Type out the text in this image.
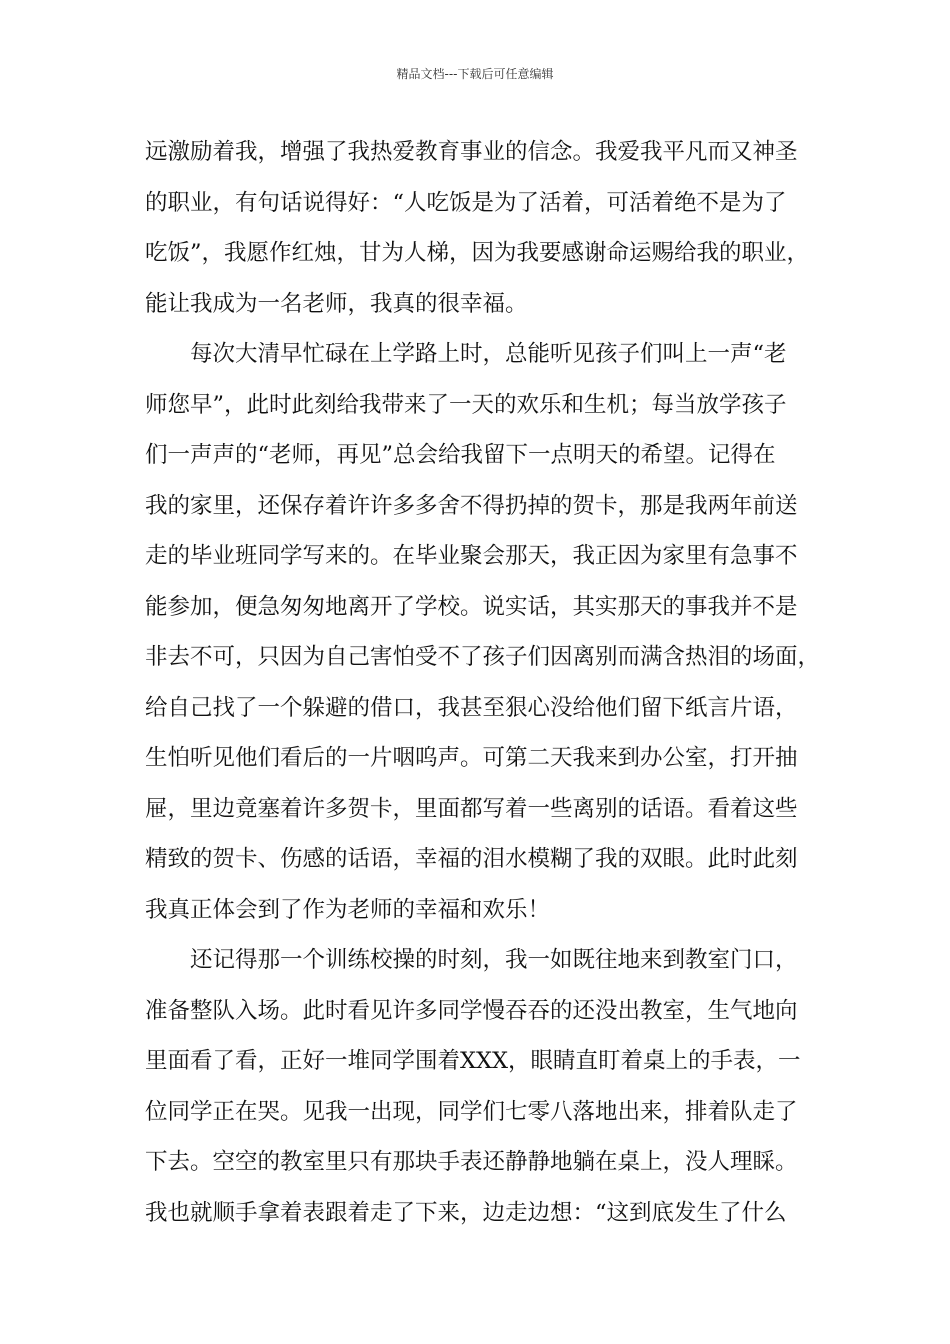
精品文档---下载后可任意编辑
远激励着我，增强了我热爱教育事业的信念。我爱我平凡而又神圣
的职业，有句话说得好：“人吃饭是为了活着，可活着绝不是为了
吃饭”，我愿作红烛，甘为人梯，因为我要感谢命运赐给我的职业，
能让我成为一名老师，我真的很幸福。
　　每次大清早忙碌在上学路上时，总能听见孩子们叫上一声“老
师您早”，此时此刻给我带来了一天的欢乐和生机；每当放学孩子
们一声声的“老师，再见”总会给我留下一点明天的希望。记得在
我的家里，还保存着许许多多舍不得扔掉的贺卡，那是我两年前送
走的毕业班同学写来的。在毕业聚会那天，我正因为家里有急事不
能参加，便急匆匆地离开了学校。说实话，其实那天的事我并不是
非去不可，只因为自己害怕受不了孩子们因离别而满含热泪的场面，
给自己找了一个躲避的借口，我甚至狠心没给他们留下纸言片语，
生怕听见他们看后的一片咽呜声。可第二天我来到办公室，打开抽
屉，里边竟塞着许多贺卡，里面都写着一些离别的话语。看着这些
精致的贺卡、伤感的话语，幸福的泪水模糊了我的双眼。此时此刻
我真正体会到了作为老师的幸福和欢乐！
　　还记得那一个训练校操的时刻，我一如既往地来到教室门口，
准备整队入场。此时看见许多同学慢吞吞的还没出教室，生气地向
里面看了看，正好一堆同学围着XXX，眼睛直盯着桌上的手表，一
位同学正在哭。见我一出现，同学们七零八落地出来，排着队走了
下去。空空的教室里只有那块手表还静静地躺在桌上，没人理睬。
我也就顺手拿着表跟着走了下来，边走边想：“这到底发生了什么
